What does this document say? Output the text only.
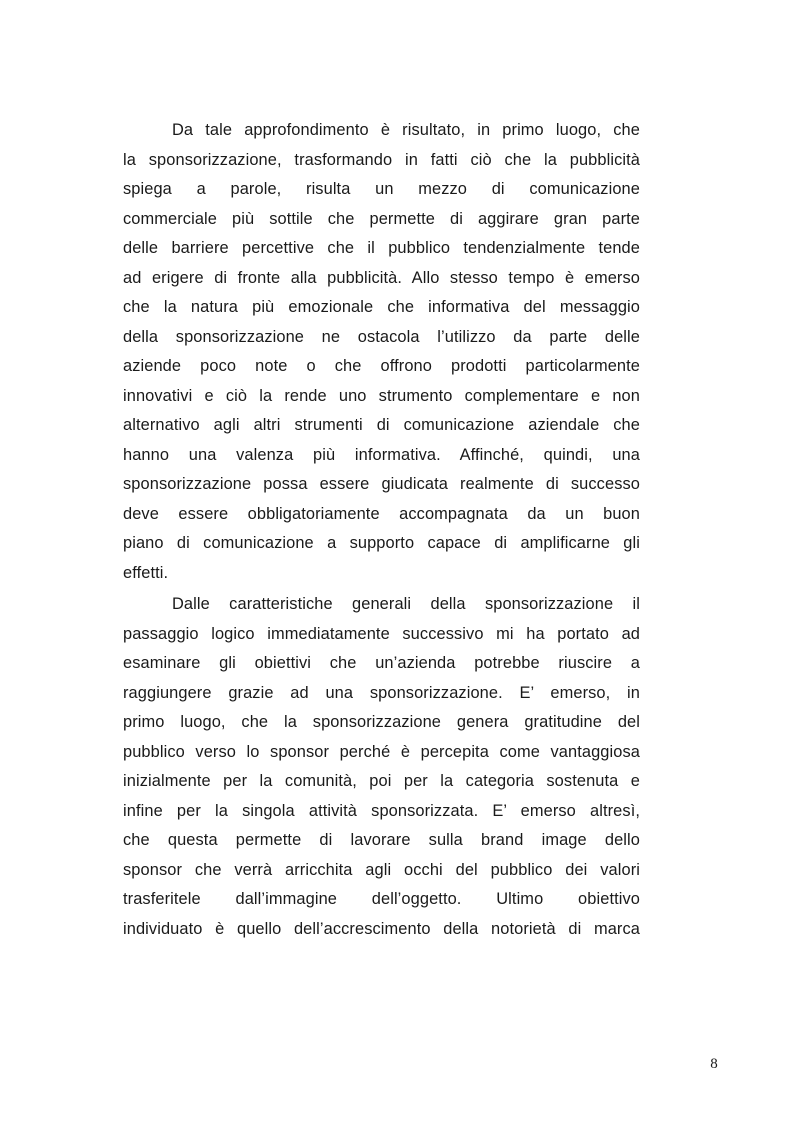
Da tale approfondimento è risultato, in primo luogo, che
la sponsorizzazione, trasformando in fatti ciò che la pubblicità
spiega a parole, risulta un mezzo di comunicazione
commerciale più sottile che permette di aggirare gran parte
delle barriere percettive che il pubblico tendenzialmente tende
ad erigere di fronte alla pubblicità. Allo stesso tempo è emerso
che la natura più emozionale che informativa del messaggio
della sponsorizzazione ne ostacola l’utilizzo da parte delle
aziende poco note o che offrono prodotti particolarmente
innovativi e ciò la rende uno strumento complementare e non
alternativo agli altri strumenti di comunicazione aziendale che
hanno una valenza più informativa. Affinché, quindi, una
sponsorizzazione possa essere giudicata realmente di successo
deve essere obbligatoriamente accompagnata da un buon
piano di comunicazione a supporto capace di amplificarne gli
effetti.
Dalle caratteristiche generali della sponsorizzazione il
passaggio logico immediatamente successivo mi ha portato ad
esaminare gli obiettivi che un’azienda potrebbe riuscire a
raggiungere grazie ad una sponsorizzazione. E’ emerso, in
primo luogo, che la sponsorizzazione genera gratitudine del
pubblico verso lo sponsor perché è percepita come vantaggiosa
inizialmente per la comunità, poi per la categoria sostenuta e
infine per la singola attività sponsorizzata. E’ emerso altresì,
che questa permette di lavorare sulla brand image dello
sponsor che verrà arricchita agli occhi del pubblico dei valori
trasferitele dall’immagine dell’oggetto. Ultimo obiettivo
individuato è quello dell’accrescimento della notorietà di marca
8
